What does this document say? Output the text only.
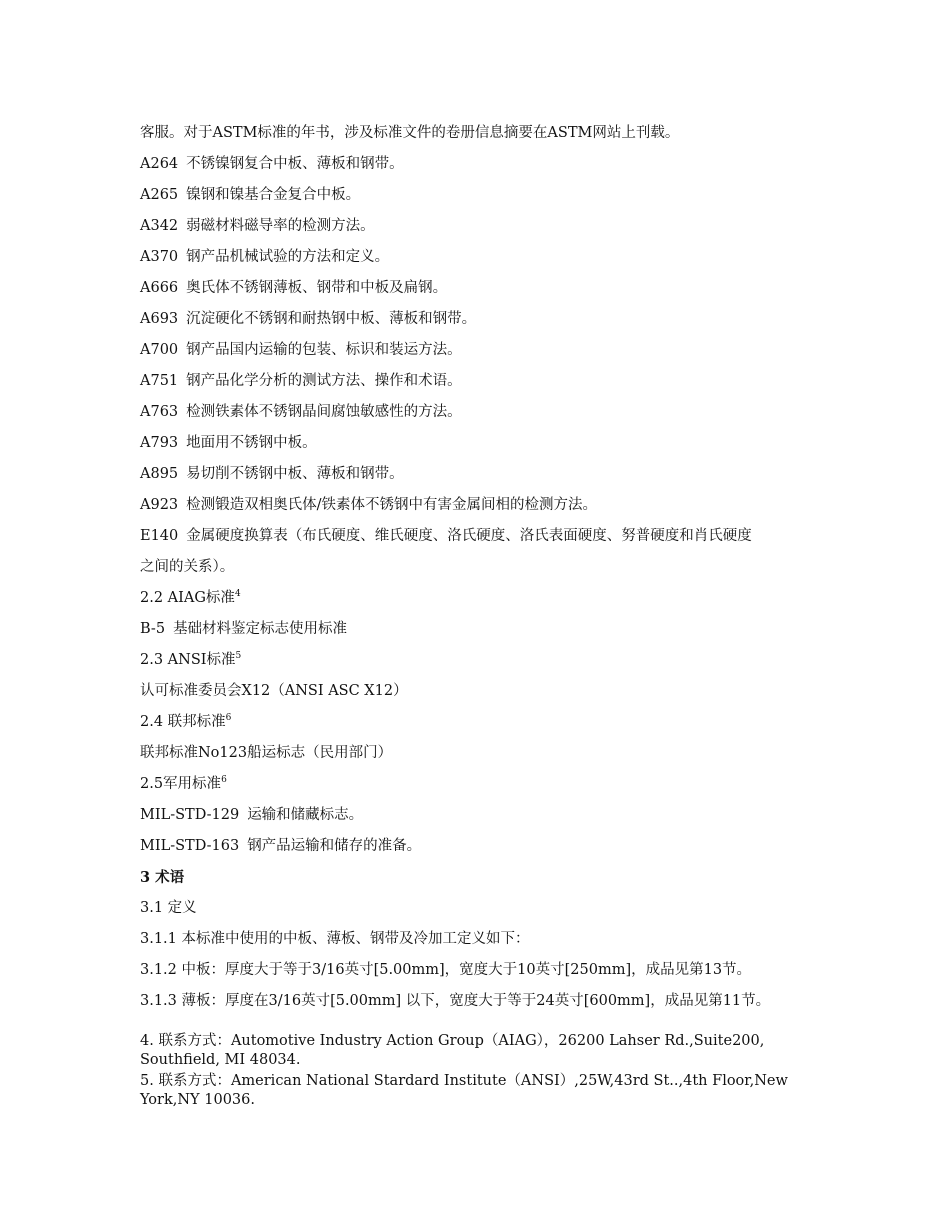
客服。对于ASTM标准的年书，涉及标准文件的卷册信息摘要在ASTM网站上刊载。

A264 不锈镍钢复合中板、薄板和钢带。

A265 镍钢和镍基合金复合中板。

A342 弱磁材料磁导率的检测方法。

A370 钢产品机械试验的方法和定义。

A666 奥氏体不锈钢薄板、钢带和中板及扁钢。

A693 沉淀硬化不锈钢和耐热钢中板、薄板和钢带。

A700 钢产品国内运输的包装、标识和装运方法。

A751 钢产品化学分析的测试方法、操作和术语。

A763 检测铁素体不锈钢晶间腐蚀敏感性的方法。

A793 地面用不锈钢中板。

A895 易切削不锈钢中板、薄板和钢带。

A923 检测锻造双相奥氏体/铁素体不锈钢中有害金属间相的检测方法。

E140 金属硬度换算表（布氏硬度、维氏硬度、洛氏硬度、洛氏表面硬度、努普硬度和肖氏硬度

之间的关系）。

2.2 AIAG标准$^4$

B-5 基础材料鉴定标志使用标准

2.3 ANSI标准$^5$

认可标准委员会X12（ANSI ASC X12）

2.4 联邦标准$^6$

联邦标准No123船运标志（民用部门）

2.5军用标准$^6$

MIL-STD-129 运输和储藏标志。

MIL-STD-163 钢产品运输和储存的准备。

3 术语

3.1 定义

3.1.1 本标准中使用的中板、薄板、钢带及冷加工定义如下：

3.1.2 中板：厚度大于等于3/16英寸[5.00mm]，宽度大于10英寸[250mm]，成品见第13节。

3.1.3 薄板：厚度在3/16英寸[5.00mm] 以下，宽度大于等于24英寸[600mm]，成品见第11节。

4. 联系方式：Automotive Industry Action Group（AIAG），26200 Lahser Rd.,Suite200, Southfield, MI 48034.

5. 联系方式：American National Stardard Institute（ANSI）,25W,43rd St..,4th Floor,New York,NY 10036.
